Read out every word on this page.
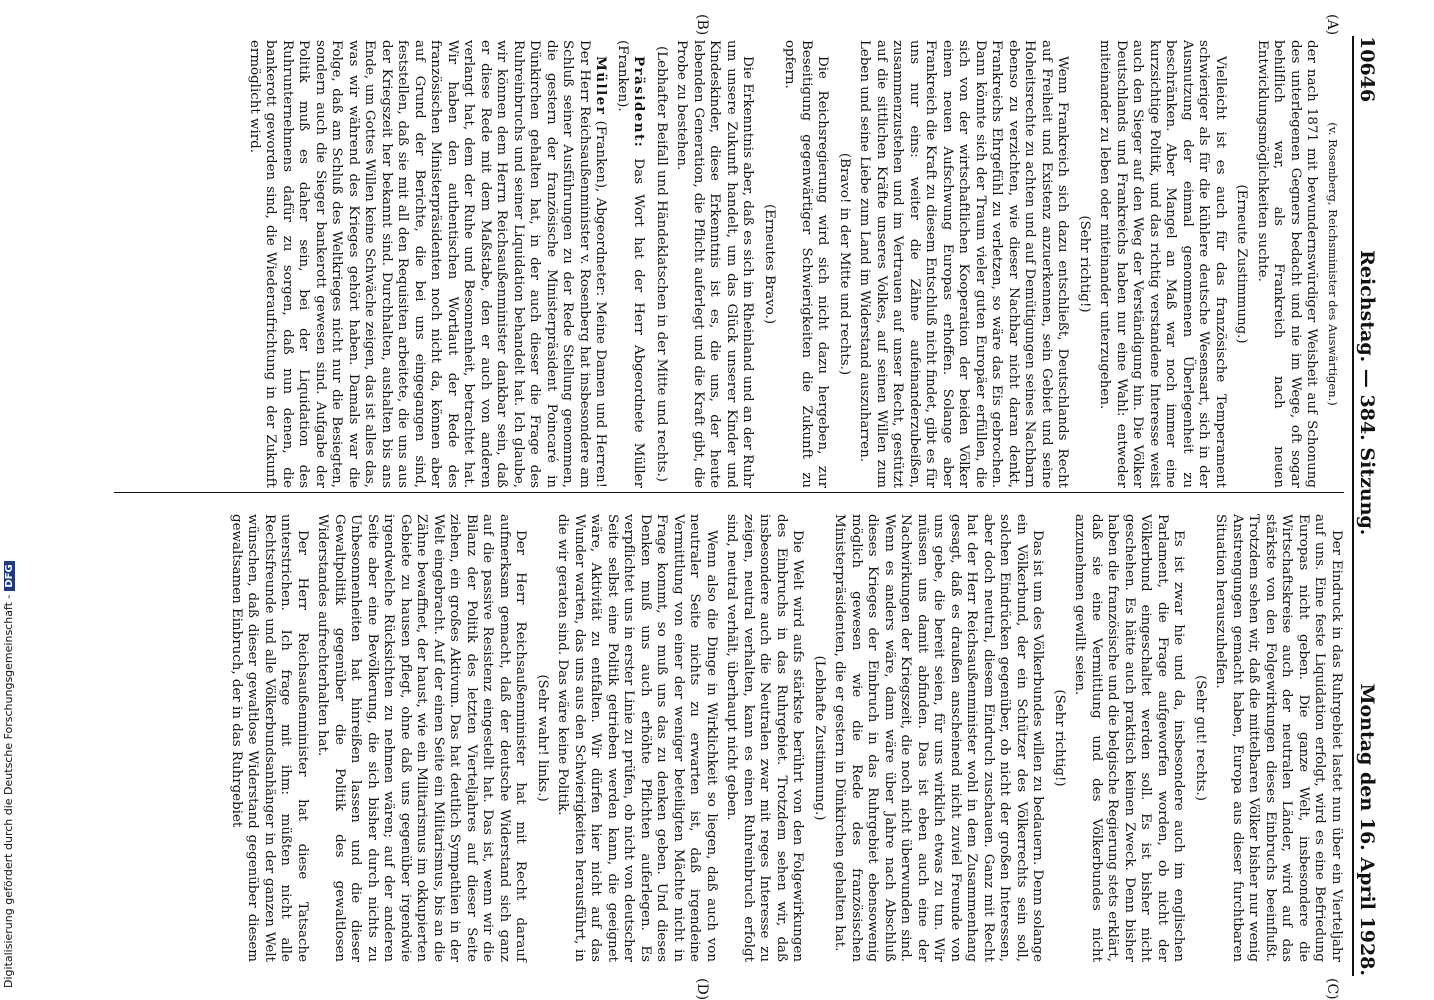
Digitalisierung gefördert durch die Deutsche Forschungsgemeinschaft -DFG
10646
Reichstag. — 384. Sitzung.
Montag den 16. April 1928.
(A)
(B)
(C)
(D)

(v. Rosenberg, Reichsminister des Auswärtigen.)

der nach 1871 mit bewundernswürdiger Weisheit auf Schonung des unterlegenen Gegners bedacht und nie im Wege, oft sogar behilflich war, als Frankreich nach neuen Entwicklungsmöglichkeiten suchte.

(Erneute Zustimmung.)

Vielleicht ist es auch für das französische Temperament schwieriger als für die kühlere deutsche Wesensart, sich in der Ausnutzung der einmal genommenen Überlegenheit zu beschränken. Aber Mangel an Maß war noch immer eine kurzsichtige Politik, und das richtig verstandene Interesse weist auch den Sieger auf den Weg der Verständigung hin. Die Völker Deutschlands und Frankreichs haben nur eine Wahl: entweder miteinander zu leben oder miteinander unterzugehen.

(Sehr richtig!)

Wenn Frankreich sich dazu entschließt, Deutschlands Recht auf Freiheit und Existenz anzuerkennen, sein Gebiet und seine Hoheitsrechte zu achten und auf Demütigungen seines Nachbarn ebenso zu verzichten, wie dieser Nachbar nicht daran denkt, Frankreichs Ehrgefühl zu verletzen, so wäre das Eis gebrochen. Dann könnte sich der Traum vieler guten Europäer erfüllen, die sich von der wirtschaftlichen Kooperation der beiden Völker einen neuen Aufschwung Europas erhoffen. Solange aber Frankreich die Kraft zu diesem Entschluß nicht findet, gibt es für uns nur eins: weiter die Zähne aufeinanderzubeißen, zusammenzustehen und im Vertrauen auf unser Recht, gestützt auf die sittlichen Kräfte unseres Volkes, auf seinen Willen zum Leben und seine Liebe zum Land im Widerstand auszuharren.

(Bravo! in der Mitte und rechts.)

Die Reichsregierung wird sich nicht dazu hergeben, zur Beseitigung gegenwärtiger Schwierigkeiten die Zukunft zu opfern.

(Erneutes Bravo.)

Die Erkenntnis aber, daß es sich im Rheinland und an der Ruhr um unsere Zukunft handelt, um das Glück unserer Kinder und Kindeskinder, diese Erkenntnis ist es, die uns, der heute lebenden Generation, die Pflicht auferlegt und die Kraft gibt, die Probe zu bestehen.

(Lebhafter Beifall und Händeklatschen in der Mitte und rechts.)

Präsident: Das Wort hat der Herr Abgeordnete Müller (Franken).

Müller (Franken), Abgeordneter: Meine Damen und Herren! Der Herr Reichsaußenminister v. Rosenberg hat insbesondere am Schluß seiner Ausführungen zu der Rede Stellung genommen, die gestern der französische Ministerpräsident Poincaré in Dünkirchen gehalten hat, in der auch dieser die Frage des Ruhreinbruchs und seiner Liquidation behandelt hat. Ich glaube, wir können dem Herrn Reichsaußenminister dankbar sein, daß er diese Rede mit dem Maßstabe, den er auch von anderen verlangt hat, dem der Ruhe und Besonnenheit, betrachtet hat. Wir haben den authentischen Wortlaut der Rede des französischen Ministerpräsidenten noch nicht da, können aber auf Grund der Berichte, die bei uns eingegangen sind, feststellen, daß sie mit all den Requisiten arbeitete, die uns aus der Kriegszeit her bekannt sind. Durchhalten, aushalten bis ans Ende, um Gottes Willen keine Schwäche zeigen, das ist alles das, was wir während des Krieges gehört haben. Damals war die Folge, daß am Schluß des Weltkrieges nicht nur die Besiegten, sondern auch die Sieger bankerott gewesen sind. Aufgabe der Politik muß es daher sein, bei der Liquidation des Ruhrunternehmens dafür zu sorgen, daß nun denen, die bankerott geworden sind, die Wiederaufrichtung in der Zukunft ermöglicht wird.

Der Eindruck in das Ruhrgebiet lastet nun über ein Vierteljahr auf uns. Eine feste Liquidation erfolgt, wird es eine Befriedung Europas nicht geben. Die ganze Welt, insbesondere die Wirtschaftskreise auch der neutralen Länder, wird auf das stärkste von den Folgewirkungen dieses Einbruchs beeinflußt. Trotzdem sehen wir, daß die mittelbaren Völker bisher nur wenig Anstrengungen gemacht haben, Europa aus dieser furchtbaren Situation herauszuhelfen.

(Sehr gut! rechts.)

Es ist zwar hie und da, insbesondere auch im englischen Parlament, die Frage aufgeworfen worden, ob nicht der Völkerbund eingeschaltet werden soll. Es ist bisher nicht geschehen. Es hätte auch praktisch keinen Zweck. Denn bisher haben die französische und die belgische Regierung stets erklärt, daß sie eine Vermittlung und des Völkerbundes nicht anzunehmen gewillt seien.

(Sehr richtig!)

Das ist um des Völkerbundes willen zu bedauern. Denn solange ein Völkerbund, der ein Schützer des Völkerrechts sein soll, solchen Eindrücken gegenüber, ob nicht der großen Interessen, aber doch neutral, diesem Eindruch zuschauen. Ganz mit Recht hat der Herr Reichsaußenminister wohl in dem Zusammenhang gesagt, daß es draußen anscheinend nicht zuviel Freunde von uns gebe, die bereit seien, für uns wirklich etwas zu tun. Wir müssen uns damit abfinden. Das ist eben auch eine der Nachwirkungen der Kriegszeit, die noch nicht überwunden sind. Wenn es anders wäre, dann wäre über Jahre nach Abschluß dieses Krieges der Einbruch in das Ruhrgebiet ebensowenig möglich gewesen wie die Rede des französischen Ministerpräsidenten, die er gestern in Dünkirchen gehalten hat.

(Lebhafte Zustimmung.)

Die Welt wird aufs stärkste berührt von den Folgewirkungen des Einbruchs in das Ruhrgebiet. Trotzdem sehen wir, daß insbesondere auch die Neutralen zwar mit reges Interesse zu zeigen, neutral verhalten, kann es einen Ruhreinbruch erfolgt sind, neutral verhält, überhaupt nicht geben.

Wenn also die Dinge in Wirklichkeit so liegen, daß auch von neutraler Seite nichts zu erwarten ist, daß irgendeine Vermittlung von einer der weniger beteiligten Mächte nicht in Frage kommt, so muß uns das zu denken geben. Und dieses Denken muß uns auch erhöhte Pflichten auferlegen. Es verpflichtet uns in erster Linie zu prüfen, ob nicht von deutscher Seite selbst eine Politik getrieben werden kann, die geeignet wäre, Aktivität zu entfalten. Wir dürfen hier nicht auf das Wunder warten, das uns aus den Schwierigkeiten herausführt, in die wir geraten sind. Das wäre keine Politik.

(Sehr wahr! links.)

Der Herr Reichsaußenminister hat mit Recht darauf aufmerksam gemacht, daß der deutsche Widerstand sich ganz auf die passive Resistenz eingestellt hat. Das ist, wenn wir die Bilanz der Politik des letzten Vierteljahres auf dieser Seite ziehen, ein großes Aktivum. Das hat deutlich Sympathien in der Welt eingebracht. Auf der einen Seite ein Militarismus, bis an die Zähne bewaffnet, der haust, wie ein Militarismus im okkupierten Gebiete zu hausen pflegt, ohne daß uns gegenüber irgendwie irgendwelche Rücksichten zu nehmen wären; auf der anderen Seite aber eine Bevölkerung, die sich bisher durch nichts zu Unbesonnenheiten hat hinreißen lassen und die dieser Gewaltpolitik gegenüber die Politik des gewaltlosen Widerstandes aufrechterhalten hat.

Der Herr Reichsaußenminister hat diese Tatsache unterstrichen. Ich frage mit ihm: müßten nicht alle Rechtsfreunde und alle Völkerbundsanhänger in der ganzen Welt wünschen, daß dieser gewaltlose Widerstand gegenüber diesem gewaltsamen Einbruch, der in das Ruhrgebiet
